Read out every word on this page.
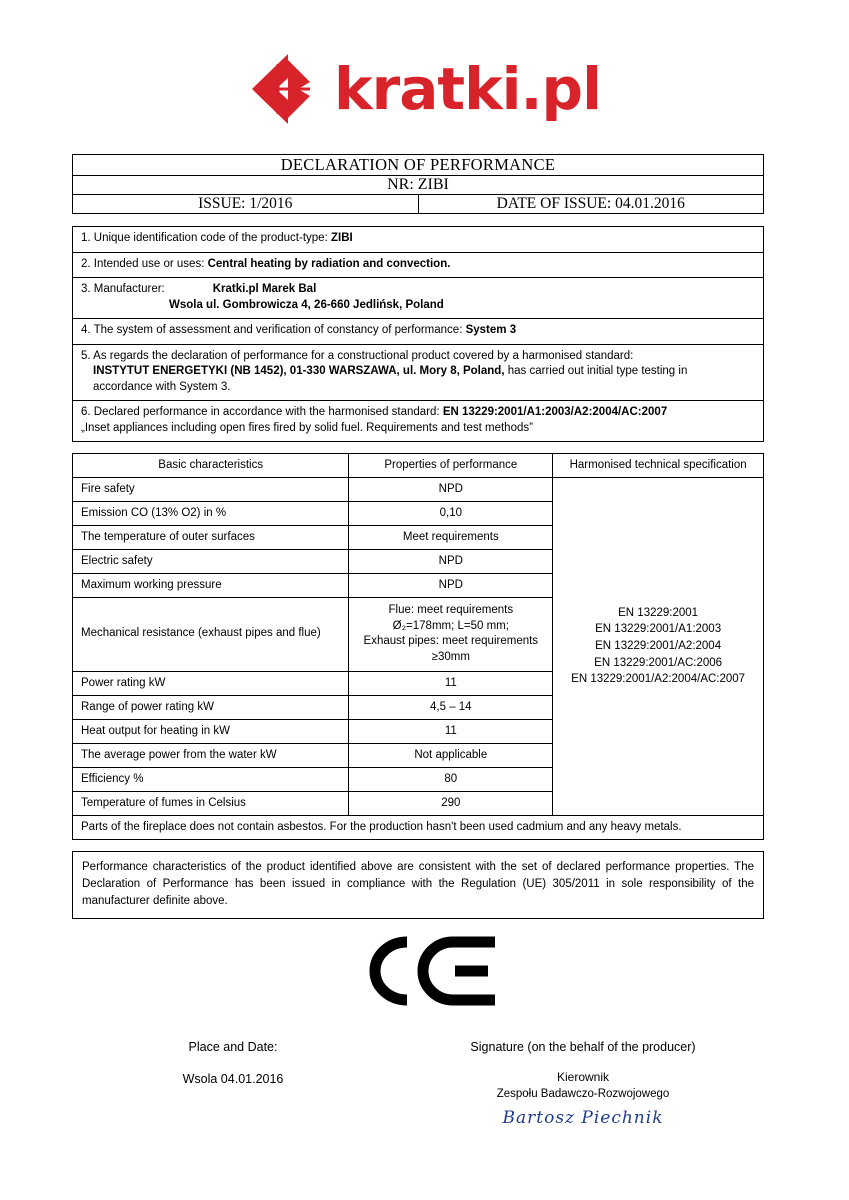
kratki.pl
DECLARATION OF PERFORMANCE
NR: ZIBI
ISSUE: 1/2016	DATE OF ISSUE: 04.01.2016
1. Unique identification code of the product-type: ZIBI
2. Intended use or uses: Central heating by radiation and convection.

3. Manufacturer:	Kratki.pl Marek Bal
Wsola ul. Gombrowicza 4, 26-660 Jedlińsk, Poland

4. The system of assessment and verification of constancy of performance: System 3

5. As regards the declaration of performance for a constructional product covered by a harmonised standard:
INSTYTUT ENERGETYKI (NB 1452), 01-330 WARSZAWA, ul. Mory 8, Poland, has carried out initial type testing in
accordance with System 3.

6. Declared performance in accordance with the harmonised standard: EN 13229:2001/A1:2003/A2:2004/AC:2007
„Inset appliances including open fires fired by solid fuel. Requirements and test methods”
Basic characteristics	Properties of performance	Harmonised technical specification
Fire safety	NPD	EN 13229:2001
EN 13229:2001/A1:2003
EN 13229:2001/A2:2004
EN 13229:2001/AC:2006
EN 13229:2001/A2:2004/AC:2007

Emission CO (13% O2) in %	0,10	
The temperature of outer surfaces	Meet requirements	
Electric safety	NPD	
Maximum working pressure	NPD	
Mechanical resistance (exhaust pipes and flue)	Flue: meet requirements
Ø₂=178mm; L=50 mm;
Exhaust pipes: meet requirements
≥30mm	

Power rating kW	11	
Range of power rating kW	4,5 – 14	
Heat output for heating in kW	11	
The average power from the water kW	Not applicable	
Efficiency %	80	
Temperature of fumes in Celsius	290	
Parts of the fireplace does not contain asbestos. For the production hasn't been used cadmium and any heavy metals.		
Performance characteristics of the product identified above are consistent with the set of declared performance properties. The Declaration of Performance has been issued in compliance with the Regulation (UE) 305/2011 in sole responsibility of the manufacturer definite above.
Place and Date:
Wsola 04.01.2016
Signature (on the behalf of the producer)
Kierownik
Zespołu Badawczo-Rozwojowego
Bartosz Piechnik
